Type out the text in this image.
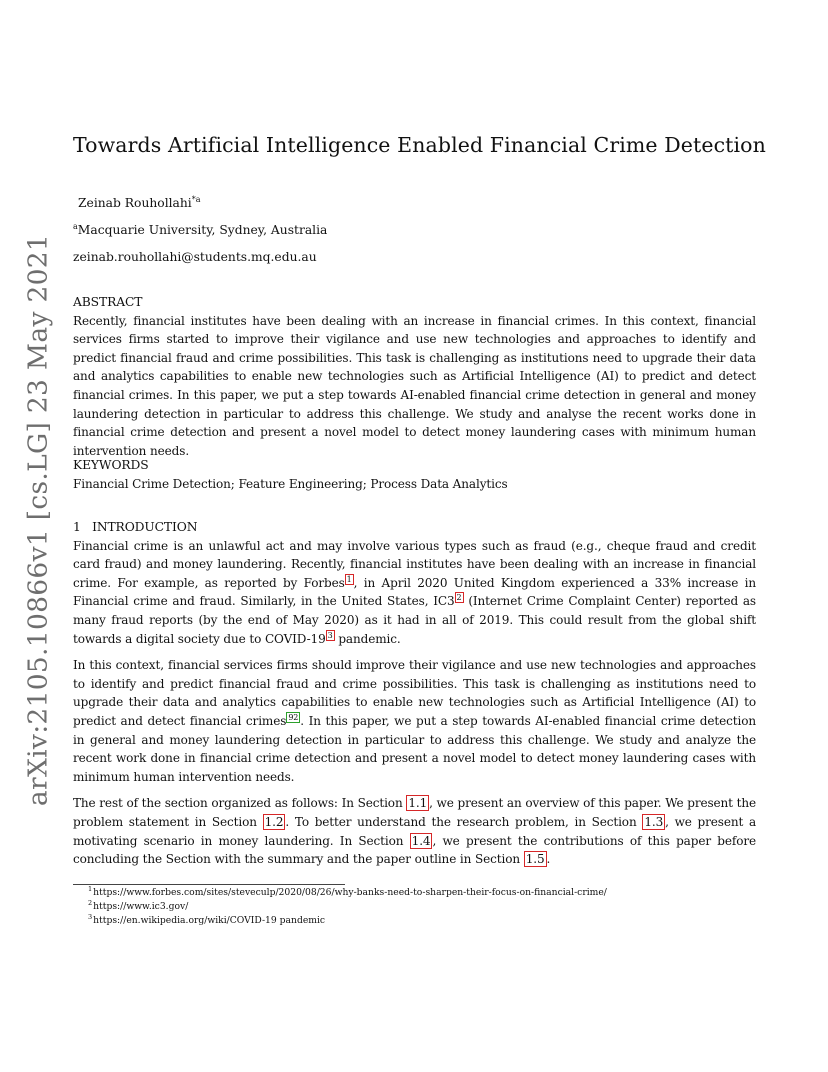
arXiv:2105.10866v1 [cs.LG] 23 May 2021
Towards Artificial Intelligence Enabled Financial Crime Detection
Zeinab Rouhollahi$^{*a}$
$^a$Macquarie University, Sydney, Australia
zeinab.rouhollahi@students.mq.edu.au
ABSTRACT

Recently, financial institutes have been dealing with an increase in financial crimes. In this context, financial services firms started to improve their vigilance and use new technologies and approaches to identify and predict financial fraud and crime possibilities. This task is challenging as institutions need to upgrade their data and analytics capabilities to enable new technologies such as Artificial Intelligence (AI) to predict and detect financial crimes. In this paper, we put a step towards AI-enabled financial crime detection in general and money laundering detection in particular to address this challenge. We study and analyse the recent works done in financial crime detection and present a novel model to detect money laundering cases with minimum human intervention needs.

KEYWORDS

Financial Crime Detection; Feature Engineering; Process Data Analytics

1 INTRODUCTION

Financial crime is an unlawful act and may involve various types such as fraud (e.g., cheque fraud and credit card fraud) and money laundering. Recently, financial institutes have been dealing with an increase in financial crime. For example, as reported by Forbes $^1$ , in April 2020 United Kingdom experienced a 33% increase in Financial crime and fraud. Similarly, in the United States, IC3 $^2$ (Internet Crime Complaint Center) reported as many fraud reports (by the end of May 2020) as it had in all of 2019. This could result from the global shift towards a digital society due to COVID-19 $^3$ pandemic.

In this context, financial services firms should improve their vigilance and use new technologies and approaches to identify and predict financial fraud and crime possibilities. This task is challenging as institutions need to upgrade their data and analytics capabilities to enable new technologies such as Artificial Intelligence (AI) to predict and detect financial crimes $^{92}$ . In this paper, we put a step towards AI-enabled financial crime detection in general and money laundering detection in particular to address this challenge. We study and analyze the recent work done in financial crime detection and present a novel model to detect money laundering cases with minimum human intervention needs.

The rest of the section organized as follows: In Section 1.1 , we present an overview of this paper. We present the problem statement in Section 1.2 . To better understand the research problem, in Section 1.3 , we present a motivating scenario in money laundering. In Section 1.4 , we present the contributions of this paper before concluding the Section with the summary and the paper outline in Section 1.5 .

$^1$https://www.forbes.com/sites/steveculp/2020/08/26/why-banks-need-to-sharpen-their-focus-on-financial-crime/
$^2$https://www.ic3.gov/
$^3$https://en.wikipedia.org/wiki/COVID-19 pandemic
